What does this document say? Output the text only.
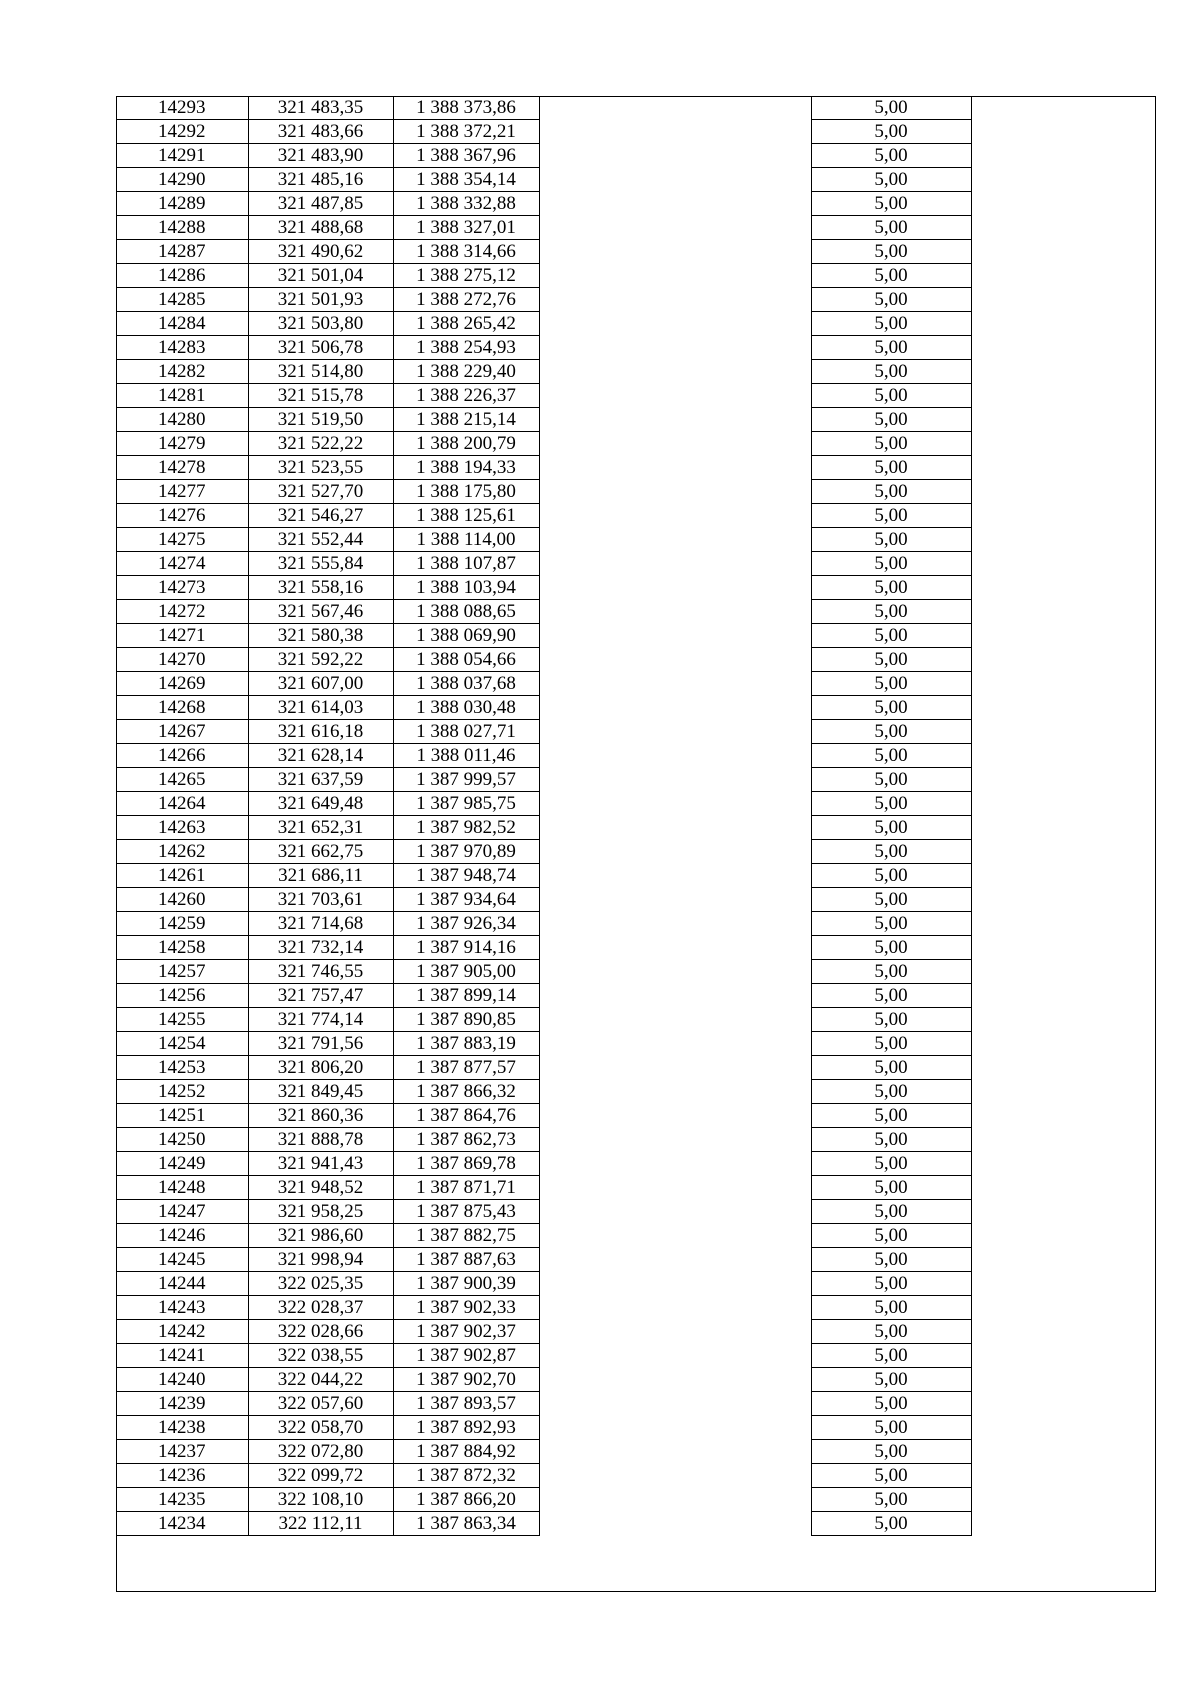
14293	321 483,35	1 388 373,86		5,00
14292	321 483,66	1 388 372,21		5,00
14291	321 483,90	1 388 367,96		5,00
14290	321 485,16	1 388 354,14		5,00
14289	321 487,85	1 388 332,88		5,00
14288	321 488,68	1 388 327,01		5,00
14287	321 490,62	1 388 314,66		5,00
14286	321 501,04	1 388 275,12		5,00
14285	321 501,93	1 388 272,76		5,00
14284	321 503,80	1 388 265,42		5,00
14283	321 506,78	1 388 254,93		5,00
14282	321 514,80	1 388 229,40		5,00
14281	321 515,78	1 388 226,37		5,00
14280	321 519,50	1 388 215,14		5,00
14279	321 522,22	1 388 200,79		5,00
14278	321 523,55	1 388 194,33		5,00
14277	321 527,70	1 388 175,80		5,00
14276	321 546,27	1 388 125,61		5,00
14275	321 552,44	1 388 114,00		5,00
14274	321 555,84	1 388 107,87		5,00
14273	321 558,16	1 388 103,94		5,00
14272	321 567,46	1 388 088,65		5,00
14271	321 580,38	1 388 069,90		5,00
14270	321 592,22	1 388 054,66		5,00
14269	321 607,00	1 388 037,68		5,00
14268	321 614,03	1 388 030,48		5,00
14267	321 616,18	1 388 027,71		5,00
14266	321 628,14	1 388 011,46		5,00
14265	321 637,59	1 387 999,57		5,00
14264	321 649,48	1 387 985,75		5,00
14263	321 652,31	1 387 982,52		5,00
14262	321 662,75	1 387 970,89		5,00
14261	321 686,11	1 387 948,74		5,00
14260	321 703,61	1 387 934,64		5,00
14259	321 714,68	1 387 926,34		5,00
14258	321 732,14	1 387 914,16		5,00
14257	321 746,55	1 387 905,00		5,00
14256	321 757,47	1 387 899,14		5,00
14255	321 774,14	1 387 890,85		5,00
14254	321 791,56	1 387 883,19		5,00
14253	321 806,20	1 387 877,57		5,00
14252	321 849,45	1 387 866,32		5,00
14251	321 860,36	1 387 864,76		5,00
14250	321 888,78	1 387 862,73		5,00
14249	321 941,43	1 387 869,78		5,00
14248	321 948,52	1 387 871,71		5,00
14247	321 958,25	1 387 875,43		5,00
14246	321 986,60	1 387 882,75		5,00
14245	321 998,94	1 387 887,63		5,00
14244	322 025,35	1 387 900,39		5,00
14243	322 028,37	1 387 902,33		5,00
14242	322 028,66	1 387 902,37		5,00
14241	322 038,55	1 387 902,87		5,00
14240	322 044,22	1 387 902,70		5,00
14239	322 057,60	1 387 893,57		5,00
14238	322 058,70	1 387 892,93		5,00
14237	322 072,80	1 387 884,92		5,00
14236	322 099,72	1 387 872,32		5,00
14235	322 108,10	1 387 866,20		5,00
14234	322 112,11	1 387 863,34		5,00
